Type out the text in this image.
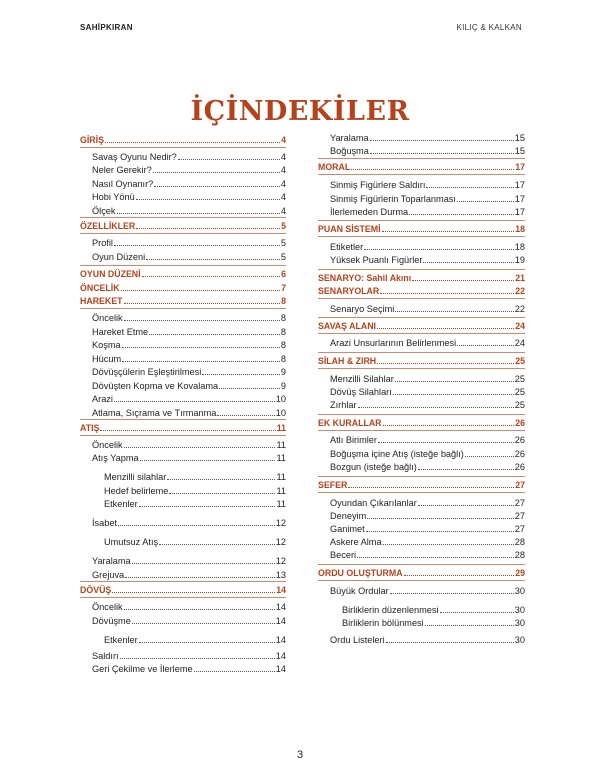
SAHİPKIRAN	KILIÇ & KALKAN
İÇİNDEKİLER
GİRİŞ	4
Savaş Oyunu Nedir?	4
Neler Gerekir?	4
Nasıl Oynanır?	4
Hobi Yönü	4
Ölçek	4
ÖZELLİKLER	5
Profil	5
Oyun Düzeni	5
OYUN DÜZENİ	6
ÖNCELİK	7
HAREKET	8
Öncelik	8
Hareket Etme	8
Koşma	8
Hücum	8
Dövüşçülerin Eşleştirilmesi	9
Dövüşten Kopma ve Kovalama	9
Arazi	10
Atlama, Sıçrama ve Tırmanma	10
ATIŞ	11
Öncelik	11
Atış Yapma	11
Menzilli silahlar	11
Hedef belirleme	11
Etkenler	11
İsabet	12
Umutsuz Atış	12
Yaralama	12
Grejuva	13
DÖVÜŞ	14
Öncelik	14
Dövüşme	14
Etkenler	14
Saldırı	14
Geri Çekilme ve İlerleme	14
Yaralama	15
Boğuşma	15
MORAL	17
Sinmiş Figürlere Saldırı	17
Sinmiş Figürlerin Toparlanması	17
İlerlemeden Durma	17
PUAN SİSTEMİ	18
Etiketler	18
Yüksek Puanlı Figürler	19
SENARYO: Sahil Akını	21
SENARYOLAR	22
Senaryo Seçimi	22
SAVAŞ ALANI	24
Arazi Unsurlarının Belirlenmesi	24
SİLAH & ZIRH	25
Menzilli Silahlar	25
Dövüş Silahları	25
Zırhlar	25
EK KURALLAR	26
Atlı Birimler	26
Boğuşma içine Atış (isteğe bağlı)	26
Bozgun (isteğe bağlı)	26
SEFER	27
Oyundan Çıkarılanlar	27
Deneyim	27
Ganimet	27
Askere Alma	28
Beceri	28
ORDU OLUŞTURMA	29
Büyük Ordular	30
Birliklerin düzenlenmesi	30
Birliklerin bölünmesi	30
Ordu Listeleri	30
3
